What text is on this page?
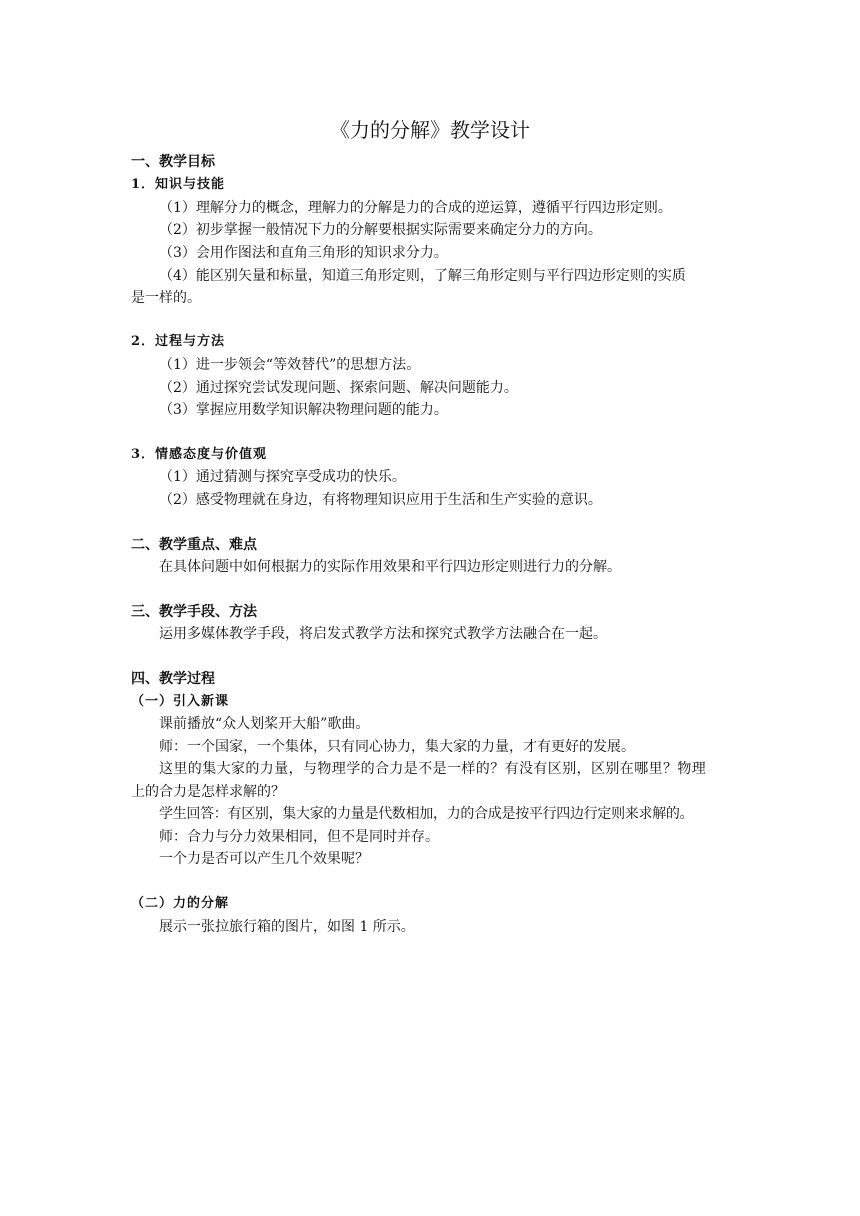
《力的分解》教学设计

一、教学目标

1．知识与技能

（1）理解分力的概念，理解力的分解是力的合成的逆运算，遵循平行四边形定则。

（2）初步掌握一般情况下力的分解要根据实际需要来确定分力的方向。

（3）会用作图法和直角三角形的知识求分力。

（4）能区别矢量和标量，知道三角形定则，了解三角形定则与平行四边形定则的实质

是一样的。

2．过程与方法

（1）进一步领会“等效替代”的思想方法。

（2）通过探究尝试发现问题、探索问题、解决问题能力。

（3）掌握应用数学知识解决物理问题的能力。

3．情感态度与价值观

（1）通过猜测与探究享受成功的快乐。

（2）感受物理就在身边，有将物理知识应用于生活和生产实验的意识。

二、教学重点、难点

在具体问题中如何根据力的实际作用效果和平行四边形定则进行力的分解。

三、教学手段、方法

运用多媒体教学手段，将启发式教学方法和探究式教学方法融合在一起。

四、教学过程

（一）引入新课

课前播放“众人划桨开大船”歌曲。

师：一个国家，一个集体，只有同心协力，集大家的力量，才有更好的发展。

这里的集大家的力量，与物理学的合力是不是一样的？有没有区别，区别在哪里？物理

上的合力是怎样求解的？

学生回答：有区别，集大家的力量是代数相加，力的合成是按平行四边行定则来求解的。

师：合力与分力效果相同，但不是同时并存。

一个力是否可以产生几个效果呢？

（二）力的分解

展示一张拉旅行箱的图片，如图 1 所示。
